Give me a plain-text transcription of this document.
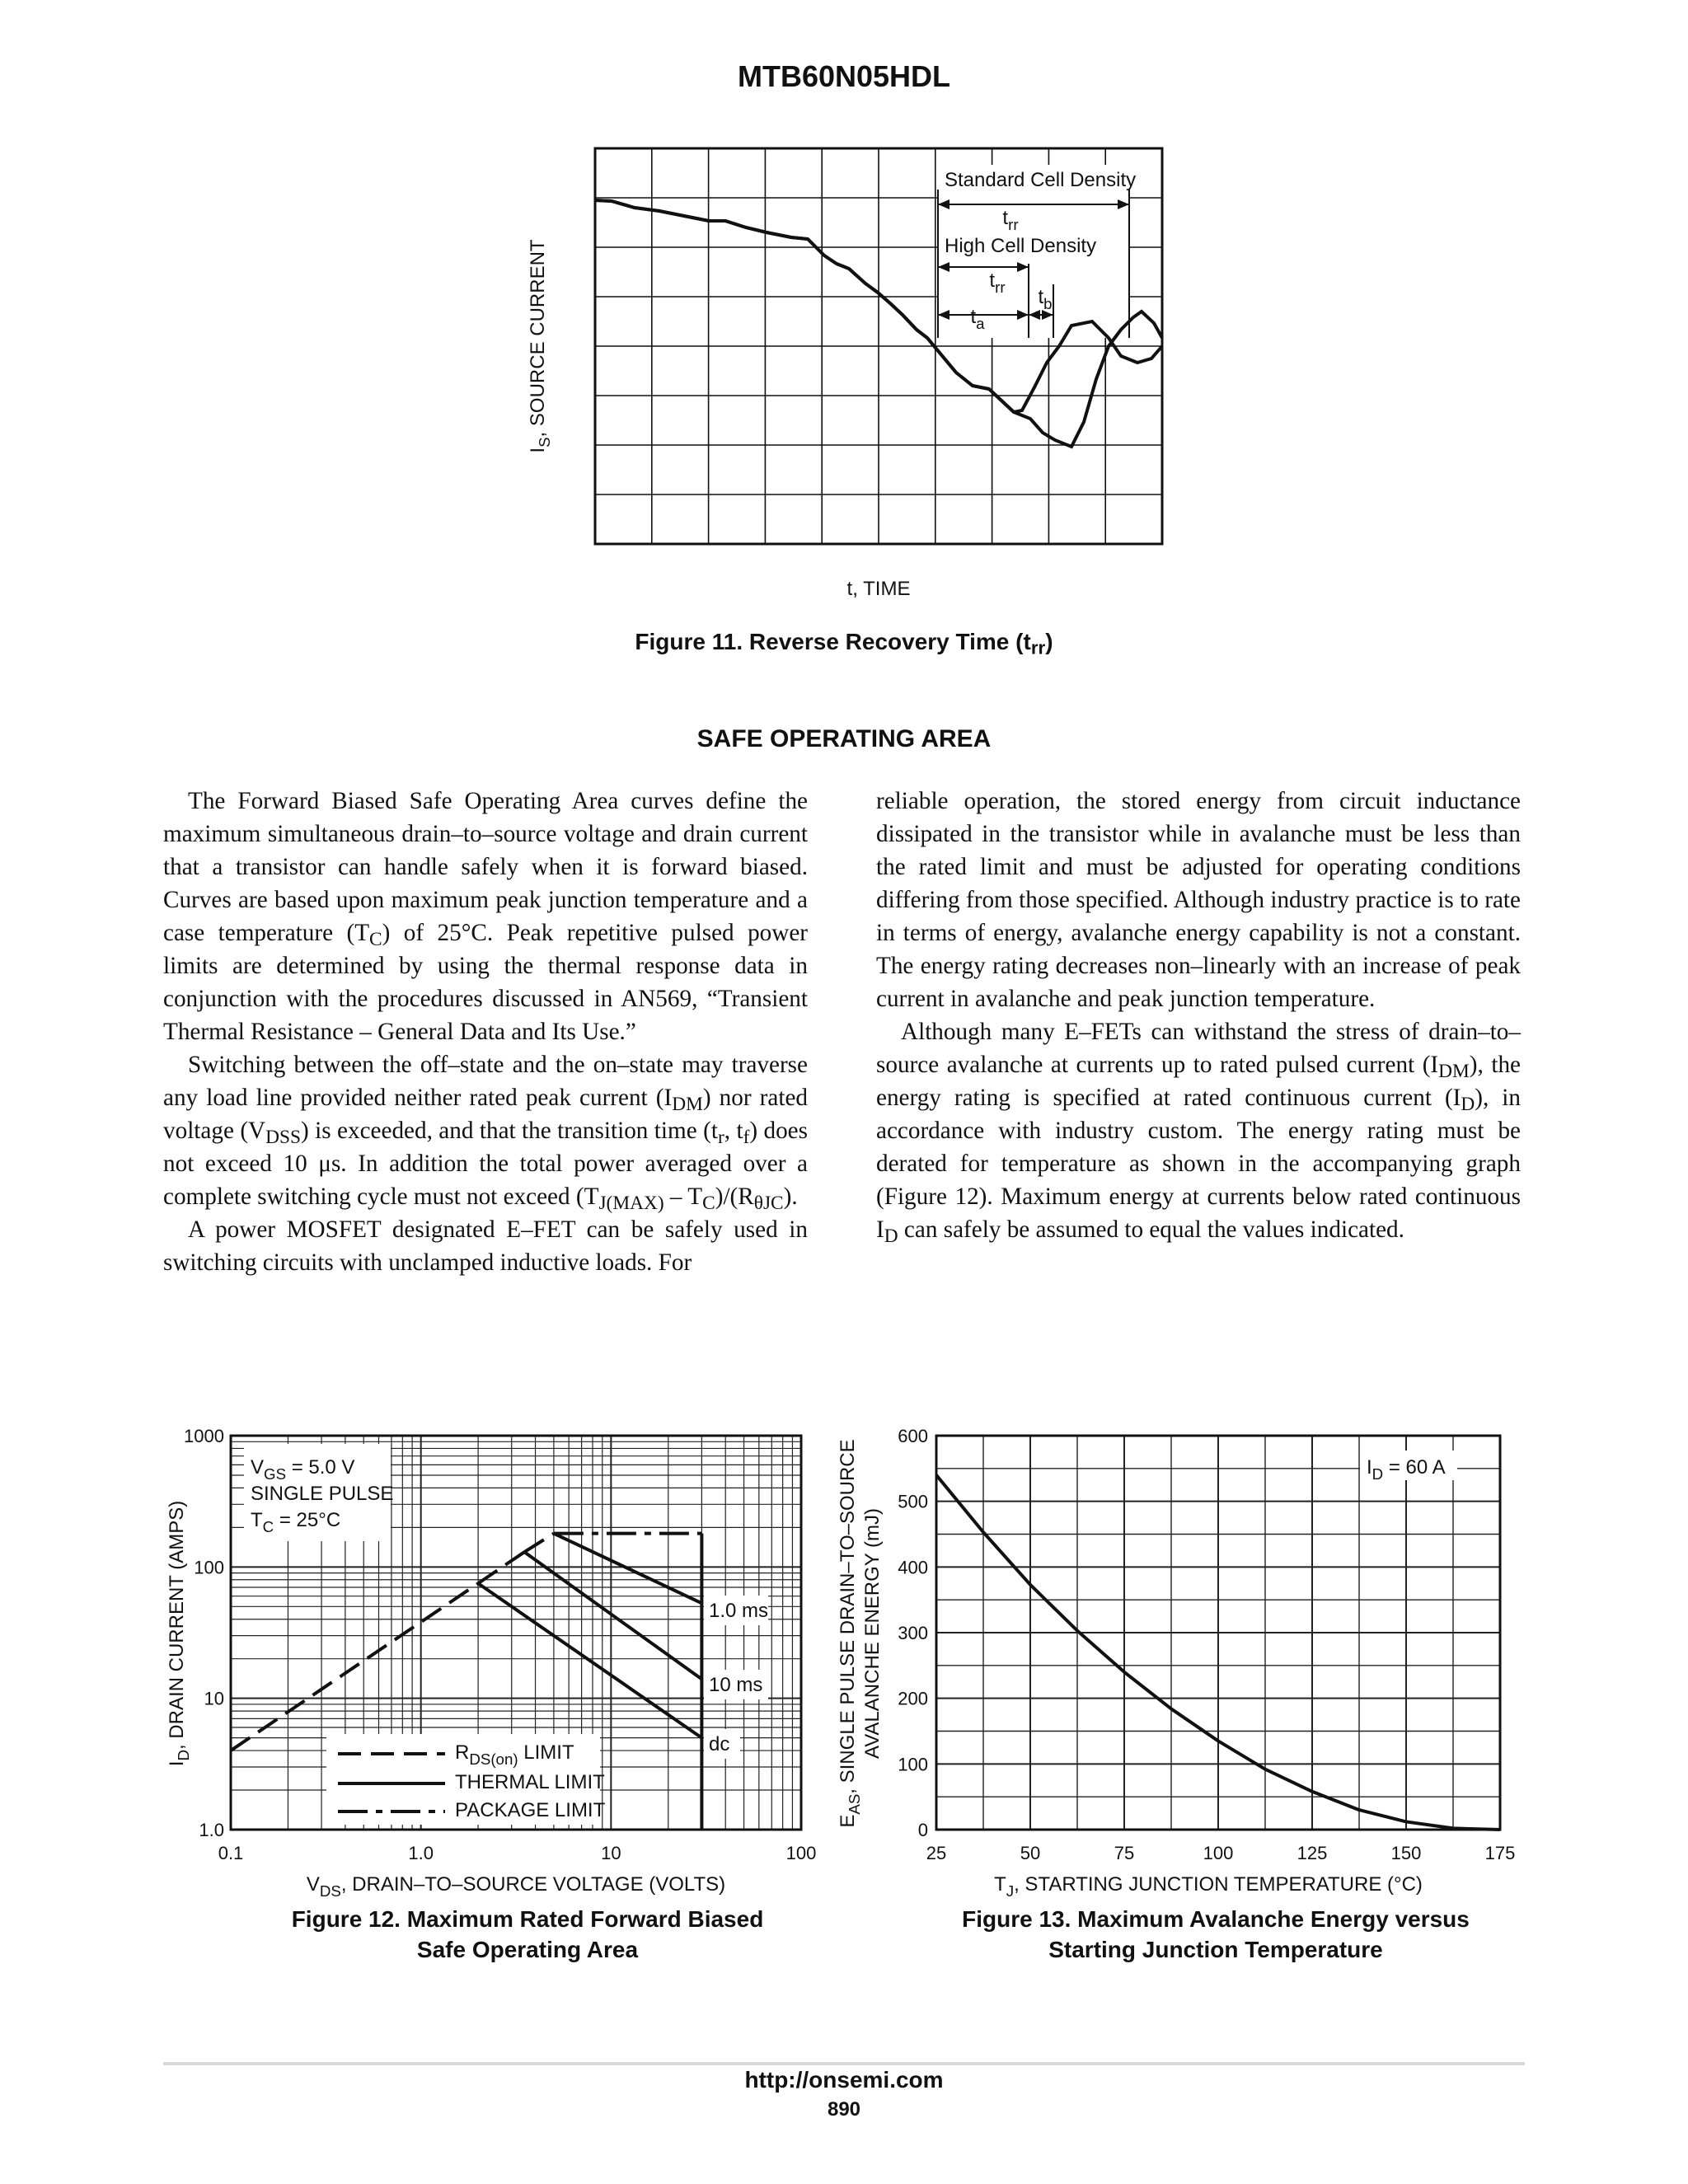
MTB60N05HDL
Standard Cell Density
$t_{rr}$
High Cell Density
$t_{rr}$
$t_a$
$t_b$
$I_S$, SOURCE CURRENT
t, TIME
Figure 11. Reverse Recovery Time $(t_{rr})$
SAFE OPERATING AREA

The Forward Biased Safe Operating Area curves define the maximum simultaneous drain–to–source voltage and drain current that a transistor can handle safely when it is forward biased. Curves are based upon maximum peak junction temperature and a case temperature $(T_C)$ of 25°C. Peak repetitive pulsed power limits are determined by using the thermal response data in conjunction with the procedures discussed in AN569, “Transient Thermal Resistance – General Data and Its Use.”

Switching between the off–state and the on–state may traverse any load line provided neither rated peak current $(I_{DM})$ nor rated voltage $(V_{DSS})$ is exceeded, and that the transition time ($t_r$, $t_f$) does not exceed 10 μs. In addition the total power averaged over a complete switching cycle must not exceed $(T_{J(MAX)} - T_C)/(R_{\theta JC})$.

A power MOSFET designated E–FET can be safely used in switching circuits with unclamped inductive loads. For

reliable operation, the stored energy from circuit inductance dissipated in the transistor while in avalanche must be less than the rated limit and must be adjusted for operating conditions differing from those specified. Although industry practice is to rate in terms of energy, avalanche energy capability is not a constant. The energy rating decreases non–linearly with an increase of peak current in avalanche and peak junction temperature.

Although many E–FETs can withstand the stress of drain–to–source avalanche at currents up to rated pulsed current $(I_{DM})$, the energy rating is specified at rated continuous current $(I_D)$, in accordance with industry custom. The energy rating must be derated for temperature as shown in the accompanying graph (Figure 12). Maximum energy at currents below rated continuous $I_D$ can safely be assumed to equal the values indicated.

0.1	1.0	10	100
1.0
10
100
1000
$V_{GS} = 5.0$ V
SINGLE PULSE
$T_C = 25^\circ C$
$R_{DS(on)}$ LIMIT
THERMAL LIMIT
PACKAGE LIMIT
1.0 ms
10 ms
dc
$V_{DS}$, DRAIN–TO–SOURCE VOLTAGE (VOLTS)
$I_D$, DRAIN CURRENT (AMPS)
$I_D = 60$ A
25	50	75	100	125	150	175
0
100
200
300
400
500
600
$T_J$, STARTING JUNCTION TEMPERATURE (°C)
$E_{AS}$, SINGLE PULSE DRAIN–TO–SOURCE AVALANCHE ENERGY (mJ)
Figure 12. Maximum Rated Forward Biased
Safe Operating Area
Figure 13. Maximum Avalanche Energy versus
Starting Junction Temperature
http://onsemi.com
890
